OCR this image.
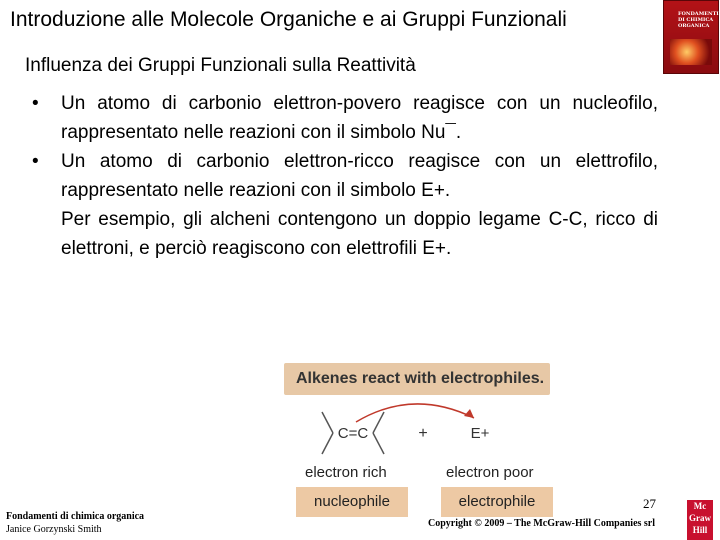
Introduzione alle Molecole Organiche e ai Gruppi Funzionali	FONDAMENTI DI CHIMICA ORGANICA
Influenza dei Gruppi Funzionali sulla Reattività
• Un atomo di carbonio elettron-povero reagisce con un nucleofilo, rappresentato nelle reazioni con il simbolo Nu¯.
• Un atomo di carbonio elettron-ricco reagisce con un elettrofilo, rappresentato nelle reazioni con il simbolo E+.
Per esempio, gli alcheni contengono un doppio legame C-C, ricco di elettroni, e perciò reagiscono con elettrofili E+.
Alkenes react with electrophiles.
C=C	+	E+
electron rich	electron poor
nucleophile	electrophile
Fondamenti di chimica organica
Janice Gorzynski Smith
27
Copyright © 2009 – The McGraw-Hill Companies srl
Mc
Graw
Hill
